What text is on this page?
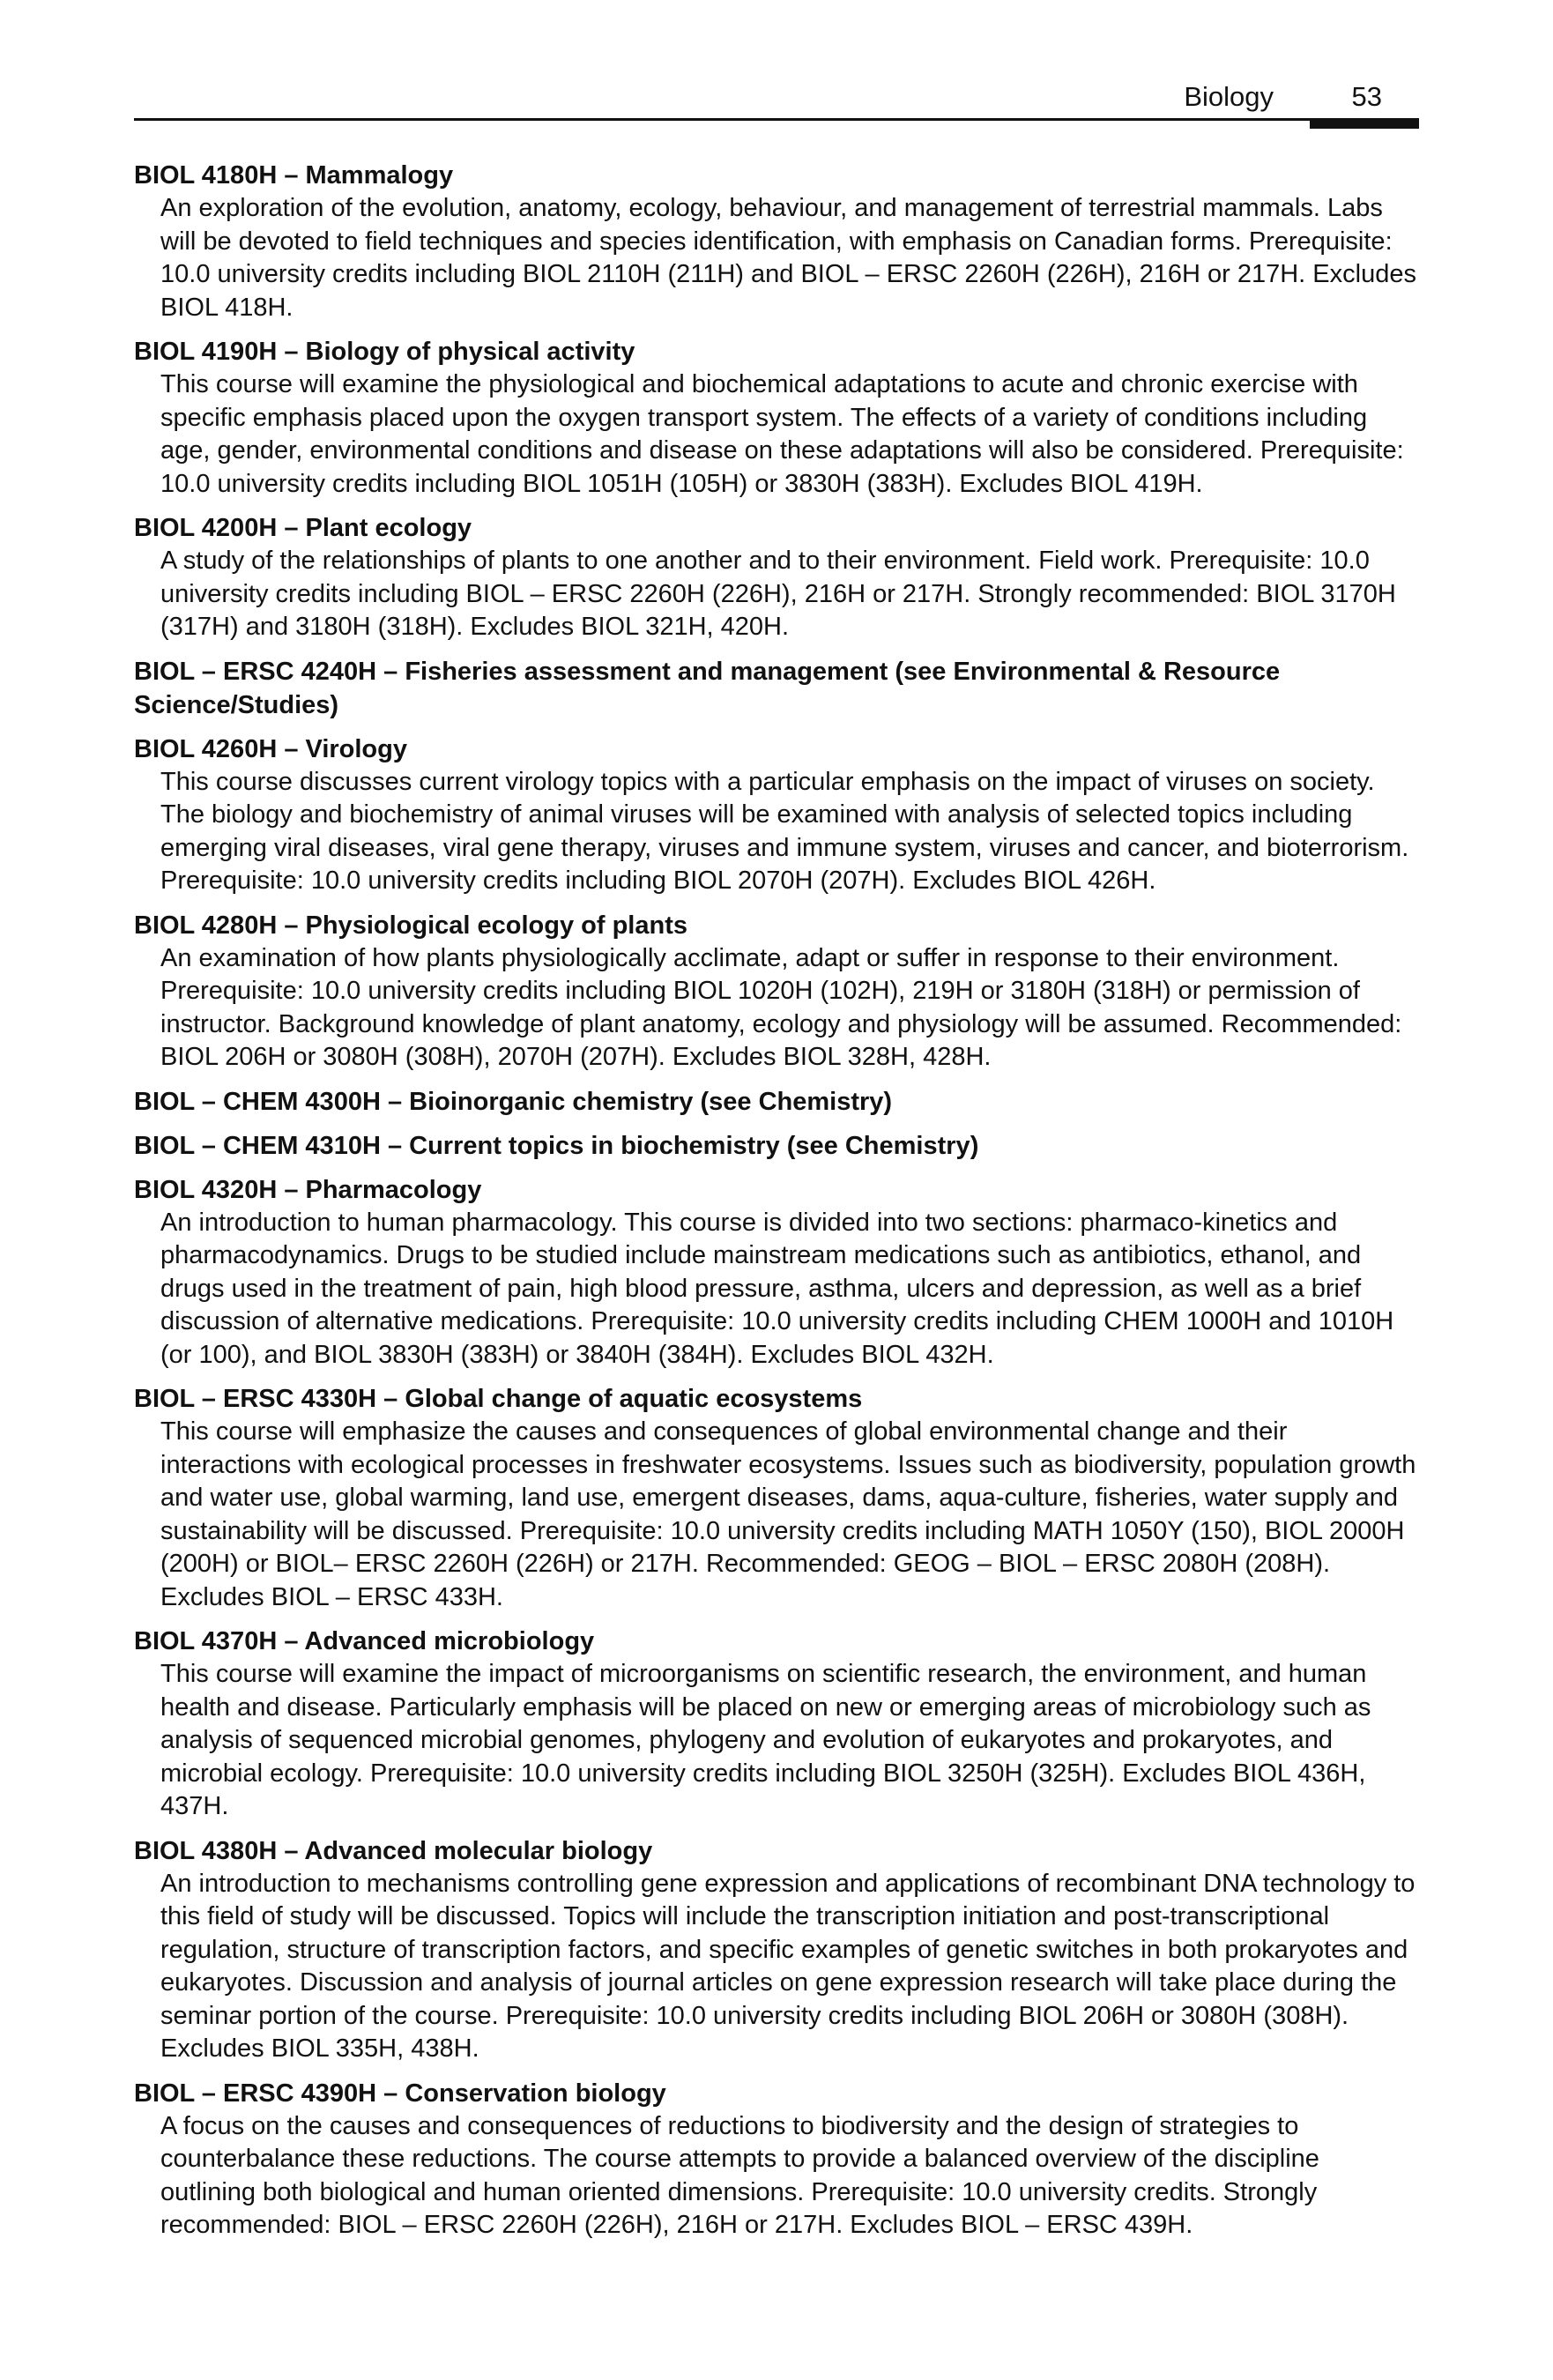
Biology	53

BIOL 4180H – Mammalogy

An exploration of the evolution, anatomy, ecology, behaviour, and management of terrestrial mammals. Labs will be devoted to field techniques and species identification, with emphasis on Canadian forms. Prerequisite: 10.0 university credits including BIOL 2110H (211H) and BIOL – ERSC 2260H (226H), 216H or 217H. Excludes BIOL 418H.

BIOL 4190H – Biology of physical activity

This course will examine the physiological and biochemical adaptations to acute and chronic exercise with specific emphasis placed upon the oxygen transport system. The effects of a variety of conditions including age, gender, environmental conditions and disease on these adaptations will also be considered. Prerequisite: 10.0 university credits including BIOL 1051H (105H) or 3830H (383H). Excludes BIOL 419H.

BIOL 4200H – Plant ecology

A study of the relationships of plants to one another and to their environment. Field work. Prerequisite: 10.0 university credits including BIOL – ERSC 2260H (226H), 216H or 217H. Strongly recommended: BIOL 3170H (317H) and 3180H (318H). Excludes BIOL 321H, 420H.

BIOL – ERSC 4240H – Fisheries assessment and management (see Environmental & Resource Science/Studies)

BIOL 4260H – Virology

This course discusses current virology topics with a particular emphasis on the impact of viruses on society. The biology and biochemistry of animal viruses will be examined with analysis of selected topics including emerging viral diseases, viral gene therapy, viruses and immune system, viruses and cancer, and bioterrorism. Prerequisite: 10.0 university credits including BIOL 2070H (207H). Excludes BIOL 426H.

BIOL 4280H – Physiological ecology of plants

An examination of how plants physiologically acclimate, adapt or suffer in response to their environment. Prerequisite: 10.0 university credits including BIOL 1020H (102H), 219H or 3180H (318H) or permission of instructor. Background knowledge of plant anatomy, ecology and physiology will be assumed. Recommended: BIOL 206H or 3080H (308H), 2070H (207H). Excludes BIOL 328H, 428H.

BIOL – CHEM 4300H – Bioinorganic chemistry (see Chemistry)

BIOL – CHEM 4310H – Current topics in biochemistry (see Chemistry)

BIOL 4320H – Pharmacology

An introduction to human pharmacology. This course is divided into two sections: pharmaco-kinetics and pharmacodynamics. Drugs to be studied include mainstream medications such as antibiotics, ethanol, and drugs used in the treatment of pain, high blood pressure, asthma, ulcers and depression, as well as a brief discussion of alternative medications. Prerequisite: 10.0 university credits including CHEM 1000H and 1010H (or 100), and BIOL 3830H (383H) or 3840H (384H). Excludes BIOL 432H.

BIOL – ERSC 4330H – Global change of aquatic ecosystems

This course will emphasize the causes and consequences of global environmental change and their interactions with ecological processes in freshwater ecosystems. Issues such as biodiversity, population growth and water use, global warming, land use, emergent diseases, dams, aqua-culture, fisheries, water supply and sustainability will be discussed. Prerequisite: 10.0 university credits including MATH 1050Y (150), BIOL 2000H (200H) or BIOL– ERSC 2260H (226H) or 217H. Recommended: GEOG – BIOL – ERSC 2080H (208H). Excludes BIOL – ERSC 433H.

BIOL 4370H – Advanced microbiology

This course will examine the impact of microorganisms on scientific research, the environment, and human health and disease. Particularly emphasis will be placed on new or emerging areas of microbiology such as analysis of sequenced microbial genomes, phylogeny and evolution of eukaryotes and prokaryotes, and microbial ecology. Prerequisite: 10.0 university credits including BIOL 3250H (325H). Excludes BIOL 436H, 437H.

BIOL 4380H – Advanced molecular biology

An introduction to mechanisms controlling gene expression and applications of recombinant DNA technology to this field of study will be discussed. Topics will include the transcription initiation and post-transcriptional regulation, structure of transcription factors, and specific examples of genetic switches in both prokaryotes and eukaryotes. Discussion and analysis of journal articles on gene expression research will take place during the seminar portion of the course. Prerequisite: 10.0 university credits including BIOL 206H or 3080H (308H). Excludes BIOL 335H, 438H.

BIOL – ERSC 4390H – Conservation biology

A focus on the causes and consequences of reductions to biodiversity and the design of strategies to counterbalance these reductions. The course attempts to provide a balanced overview of the discipline outlining both biological and human oriented dimensions. Prerequisite: 10.0 university credits. Strongly recommended: BIOL – ERSC 2260H (226H), 216H or 217H. Excludes BIOL – ERSC 439H.
